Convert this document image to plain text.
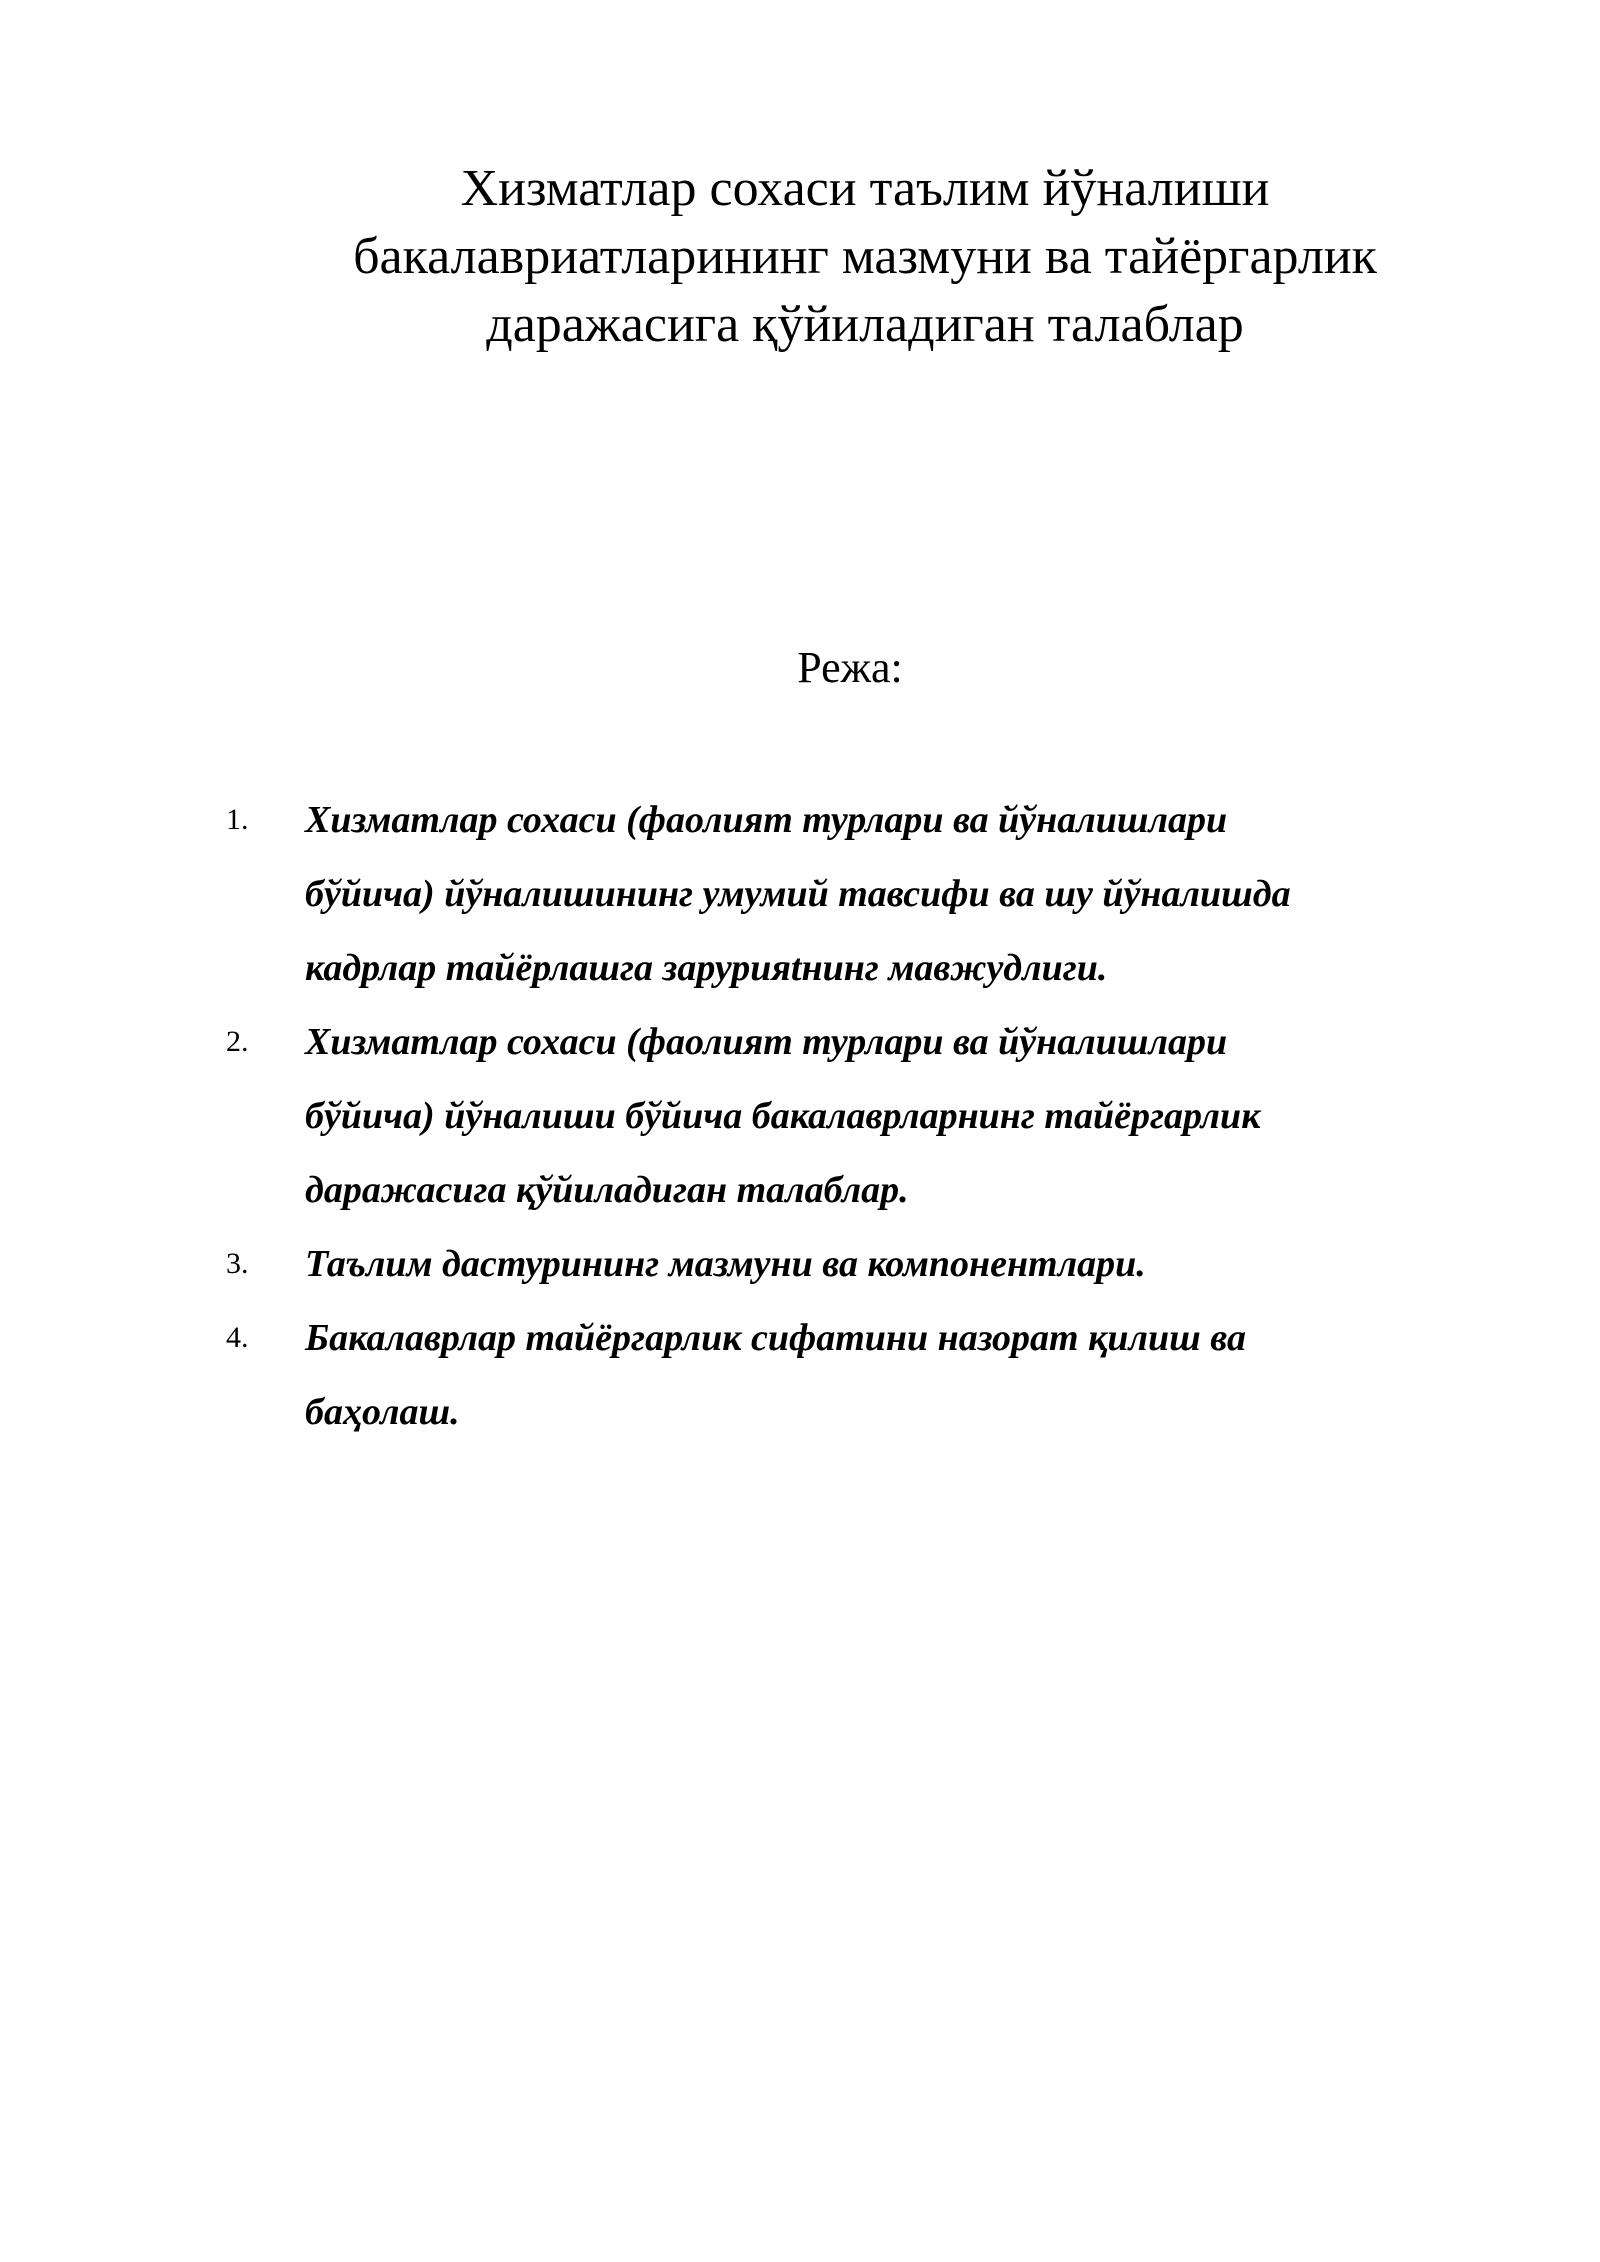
Хизматлар сохаси таълим йўналиши
бакалавриатларининг мазмуни ва тайёргарлик
даражасига қўйиладиган талаблар

Режа:

1. Хизматлар сохаси (фаолият турлари ва йўналишлари
бўйича) йўналишининг умумий тавсифи ва шу йўналишда
кадрлар тайёрлашга зарурияtнинг мавжудлиги.
2. Хизматлар сохаси (фаолият турлари ва йўналишлари
бўйича) йўналиши бўйича бакалаврларнинг тайёргарлик
даражасига қўйиладиган талаблар.
3. Таълим дастурининг мазмуни ва компонентлари.
4. Бакалаврлар тайёргарлик сифатини назорат қилиш ва
баҳолаш.
